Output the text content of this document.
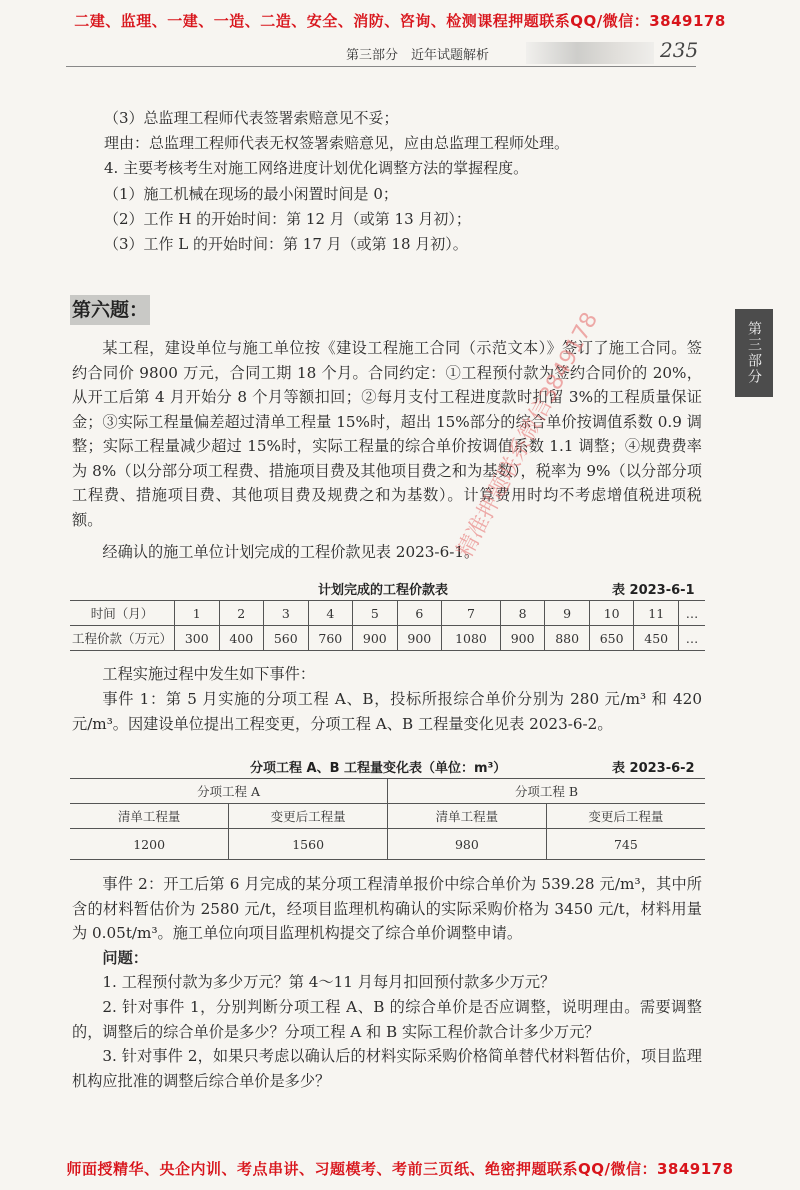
二建、监理、一建、一造、二造、安全、消防、咨询、检测课程押题联系QQ/微信：3849178
第三部分　近年试题解析	235
第三部分
（3）总监理工程师代表签署索赔意见不妥；
理由：总监理工程师代表无权签署索赔意见，应由总监理工程师处理。
4. 主要考核考生对施工网络进度计划优化调整方法的掌握程度。
（1）施工机械在现场的最小闲置时间是 0；
（2）工作 H 的开始时间：第 12 月（或第 13 月初）；
（3）工作 L 的开始时间：第 17 月（或第 18 月初）。
第六题：
某工程，建设单位与施工单位按《建设工程施工合同（示范文本）》签订了施工合同。签约合同价 9800 万元，合同工期 18 个月。合同约定：①工程预付款为签约合同价的 20%，从开工后第 4 月开始分 8 个月等额扣回；②每月支付工程进度款时扣留 3%的工程质量保证金；③实际工程量偏差超过清单工程量 15%时，超出 15%部分的综合单价按调值系数 0.9 调整；实际工程量减少超过 15%时，实际工程量的综合单价按调值系数 1.1 调整；④规费费率为 8%（以分部分项工程费、措施项目费及其他项目费之和为基数），税率为 9%（以分部分项工程费、措施项目费、其他项目费及规费之和为基数）。计算费用时均不考虑增值税进项税额。
经确认的施工单位计划完成的工程价款见表 2023-6-1。
计划完成的工程价款表	表 2023-6-1
时间（月）	1	2	3	4	5	6	7	8	9	10	11	…
工程价款（万元）	300	400	560	760	900	900	1080	900	880	650	450	…
工程实施过程中发生如下事件：
事件 1：第 5 月实施的分项工程 A、B，投标所报综合单价分别为 280 元/m³ 和 420 元/m³。因建设单位提出工程变更，分项工程 A、B 工程量变化见表 2023-6-2。
分项工程 A、B 工程量变化表（单位：m³）	表 2023-6-2
分项工程 A		分项工程 B	
清单工程量	变更后工程量	清单工程量	变更后工程量
1200	1560	980	745
事件 2：开工后第 6 月完成的某分项工程清单报价中综合单价为 539.28 元/m³，其中所含的材料暂估价为 2580 元/t，经项目监理机构确认的实际采购价格为 3450 元/t，材料用量为 0.05t/m³。施工单位向项目监理机构提交了综合单价调整申请。
问题：
1. 工程预付款为多少万元？第 4～11 月每月扣回预付款多少万元？
2. 针对事件 1，分别判断分项工程 A、B 的综合单价是否应调整，说明理由。需要调整的，调整后的综合单价是多少？分项工程 A 和 B 实际工程价款合计多少万元？
3. 针对事件 2，如果只考虑以确认后的材料实际采购价格简单替代材料暂估价，项目监理机构应批准的调整后综合单价是多少？
精准押题联系微信3849178
师面授精华、央企内训、考点串讲、习题模考、考前三页纸、绝密押题联系QQ/微信：3849178
